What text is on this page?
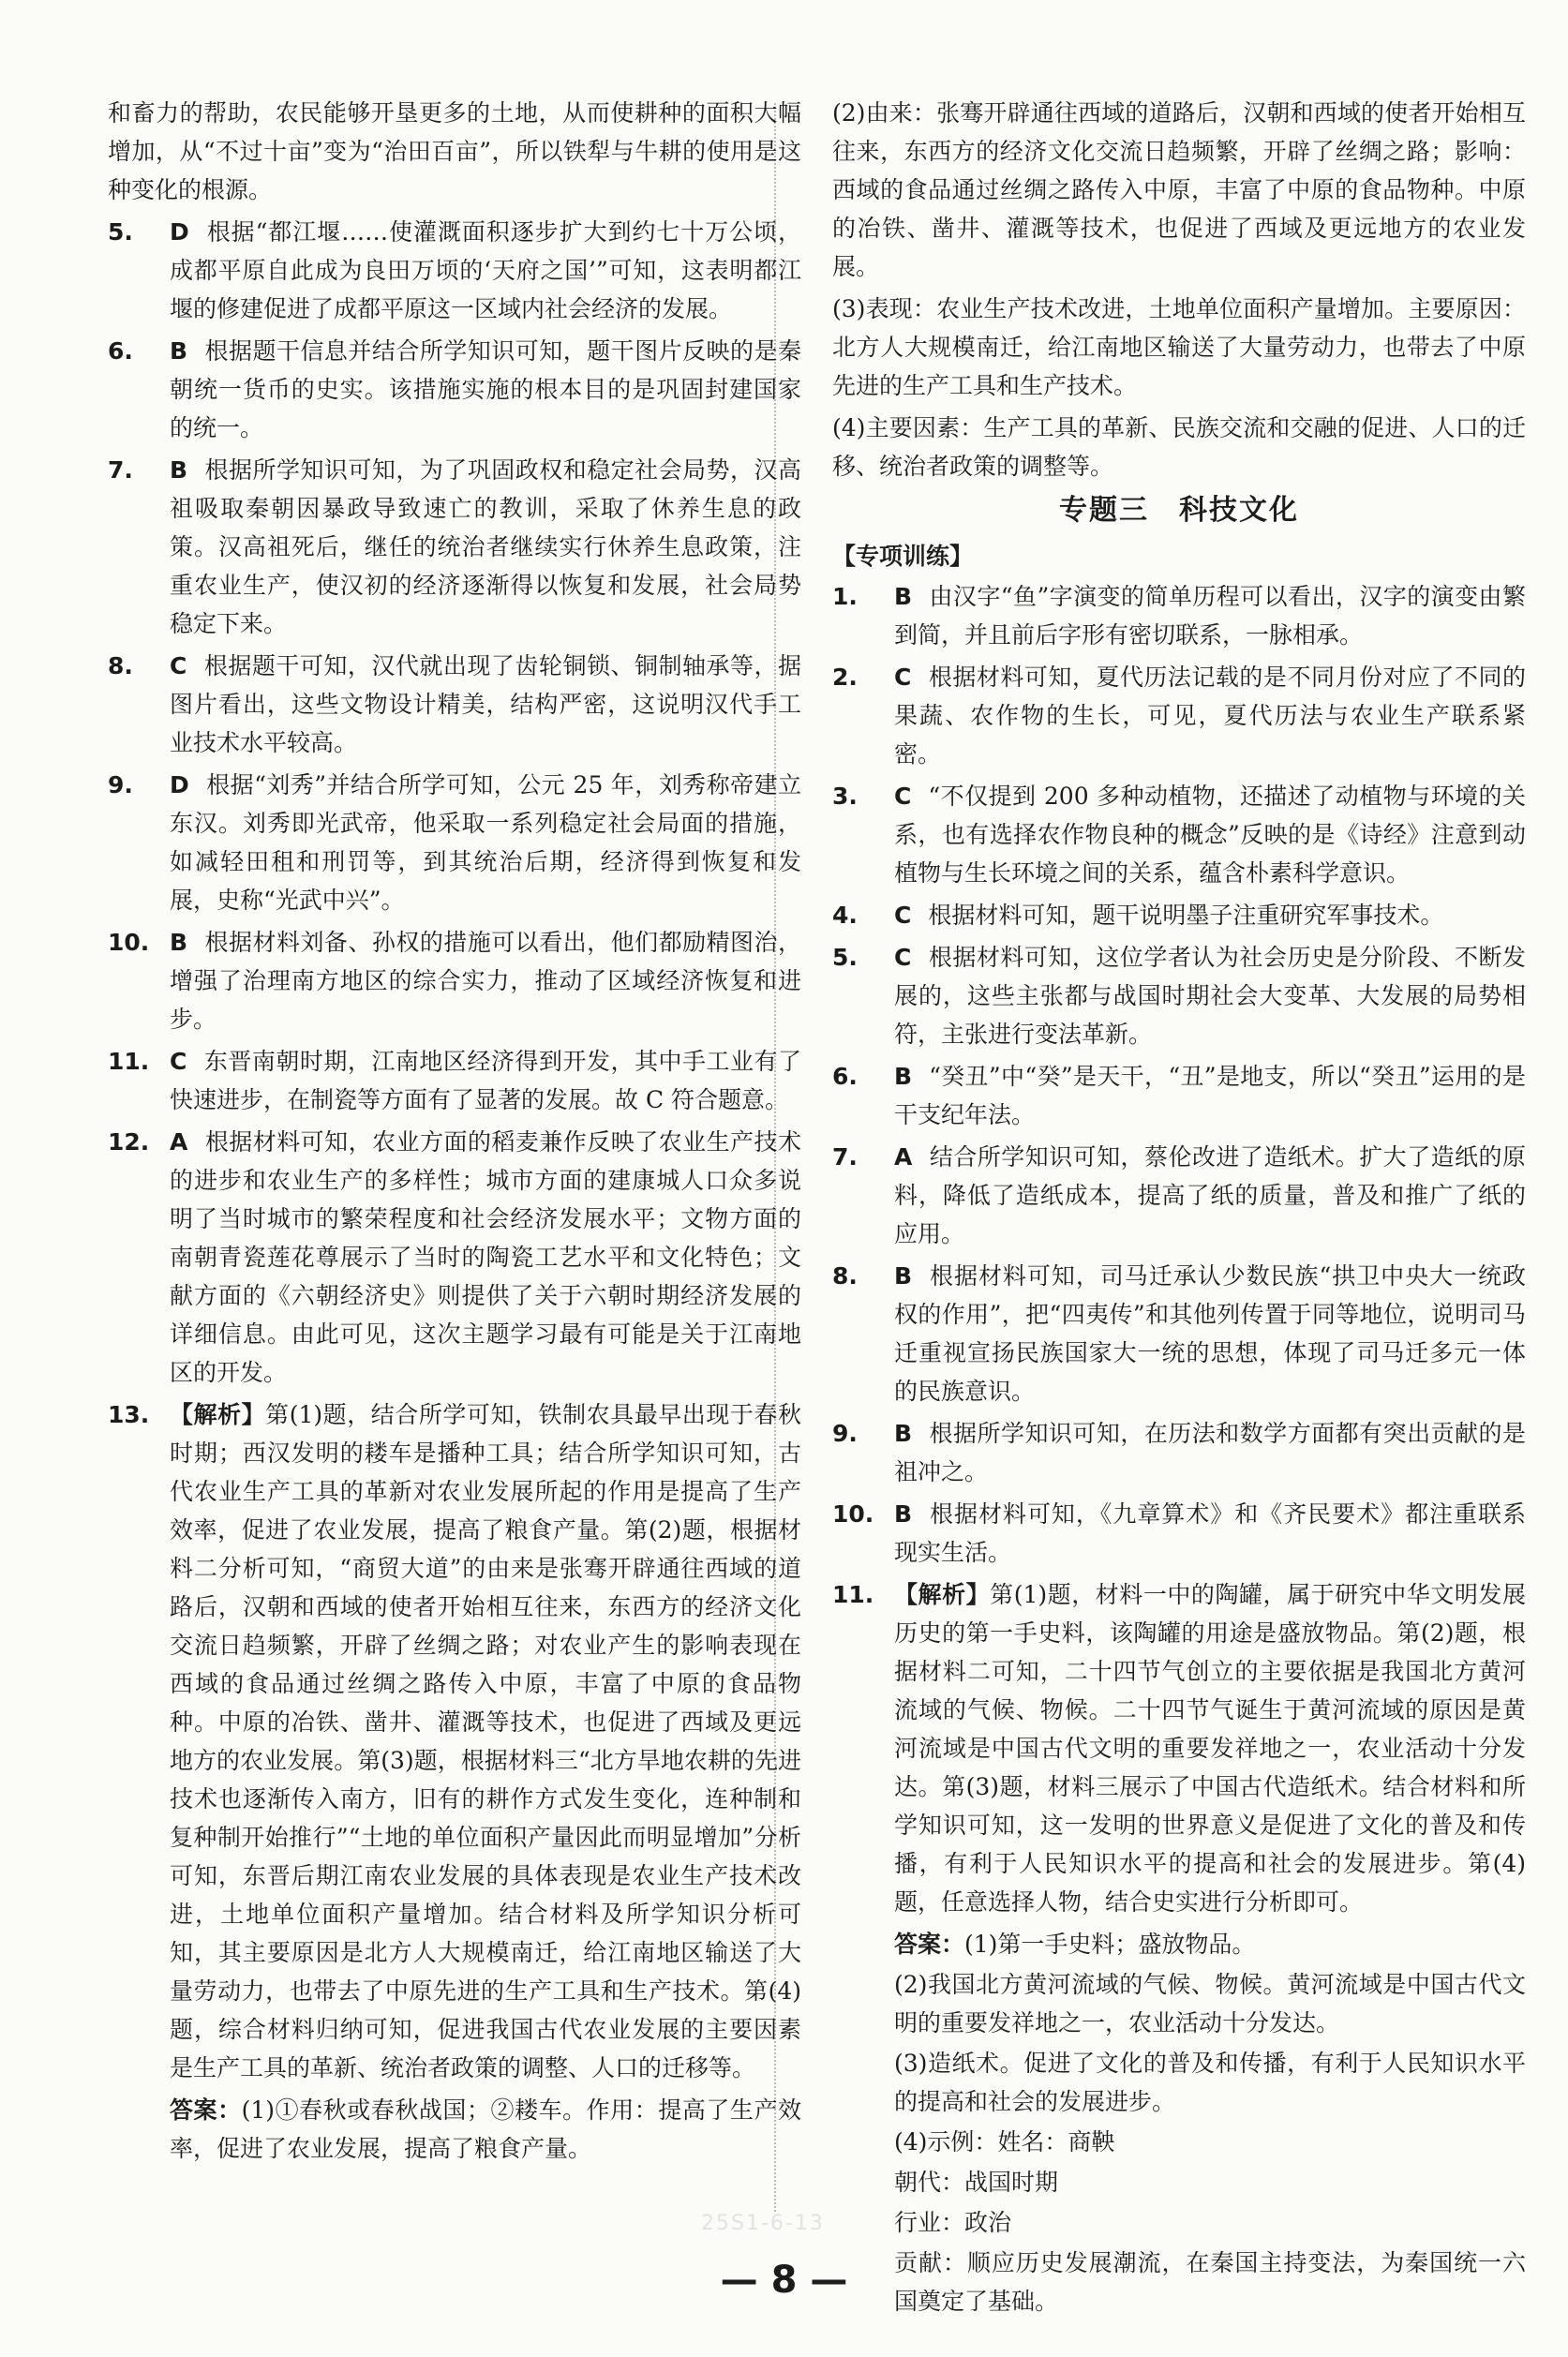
和畜力的帮助，农民能够开垦更多的土地，从而使耕种的面积大幅增加，从“不过十亩”变为“治田百亩”，所以铁犁与牛耕的使用是这种变化的根源。
5. D 根据“都江堰……使灌溉面积逐步扩大到约七十万公顷，成都平原自此成为良田万顷的‘天府之国’”可知，这表明都江堰的修建促进了成都平原这一区域内社会经济的发展。
6. B 根据题干信息并结合所学知识可知，题干图片反映的是秦朝统一货币的史实。该措施实施的根本目的是巩固封建国家的统一。
7. B 根据所学知识可知，为了巩固政权和稳定社会局势，汉高祖吸取秦朝因暴政导致速亡的教训，采取了休养生息的政策。汉高祖死后，继任的统治者继续实行休养生息政策，注重农业生产，使汉初的经济逐渐得以恢复和发展，社会局势稳定下来。
8. C 根据题干可知，汉代就出现了齿轮铜锁、铜制轴承等，据图片看出，这些文物设计精美，结构严密，这说明汉代手工业技术水平较高。
9. D 根据“刘秀”并结合所学可知，公元 25 年，刘秀称帝建立东汉。刘秀即光武帝，他采取一系列稳定社会局面的措施，如减轻田租和刑罚等，到其统治后期，经济得到恢复和发展，史称“光武中兴”。
10. B 根据材料刘备、孙权的措施可以看出，他们都励精图治，增强了治理南方地区的综合实力，推动了区域经济恢复和进步。
11. C 东晋南朝时期，江南地区经济得到开发，其中手工业有了快速进步，在制瓷等方面有了显著的发展。故 C 符合题意。
12. A 根据材料可知，农业方面的稻麦兼作反映了农业生产技术的进步和农业生产的多样性；城市方面的建康城人口众多说明了当时城市的繁荣程度和社会经济发展水平；文物方面的南朝青瓷莲花尊展示了当时的陶瓷工艺水平和文化特色；文献方面的《六朝经济史》则提供了关于六朝时期经济发展的详细信息。由此可见，这次主题学习最有可能是关于江南地区的开发。
13. 【解析】第(1)题，结合所学可知，铁制农具最早出现于春秋时期；西汉发明的耧车是播种工具；结合所学知识可知，古代农业生产工具的革新对农业发展所起的作用是提高了生产效率，促进了农业发展，提高了粮食产量。第(2)题，根据材料二分析可知，“商贸大道”的由来是张骞开辟通往西域的道路后，汉朝和西域的使者开始相互往来，东西方的经济文化交流日趋频繁，开辟了丝绸之路；对农业产生的影响表现在西域的食品通过丝绸之路传入中原，丰富了中原的食品物种。中原的冶铁、凿井、灌溉等技术，也促进了西域及更远地方的农业发展。第(3)题，根据材料三“北方旱地农耕的先进技术也逐渐传入南方，旧有的耕作方式发生变化，连种制和复种制开始推行”“土地的单位面积产量因此而明显增加”分析可知，东晋后期江南农业发展的具体表现是农业生产技术改进，土地单位面积产量增加。结合材料及所学知识分析可知，其主要原因是北方人大规模南迁，给江南地区输送了大量劳动力，也带去了中原先进的生产工具和生产技术。第(4)题，综合材料归纳可知，促进我国古代农业发展的主要因素是生产工具的革新、统治者政策的调整、人口的迁移等。
答案：(1)①春秋或春秋战国；②耧车。作用：提高了生产效率，促进了农业发展，提高了粮食产量。
(2)由来：张骞开辟通往西域的道路后，汉朝和西域的使者开始相互往来，东西方的经济文化交流日趋频繁，开辟了丝绸之路；影响：西域的食品通过丝绸之路传入中原，丰富了中原的食品物种。中原的冶铁、凿井、灌溉等技术，也促进了西域及更远地方的农业发展。
(3)表现：农业生产技术改进，土地单位面积产量增加。主要原因：北方人大规模南迁，给江南地区输送了大量劳动力，也带去了中原先进的生产工具和生产技术。
(4)主要因素：生产工具的革新、民族交流和交融的促进、人口的迁移、统治者政策的调整等。
专题三　科技文化
【专项训练】
1. B 由汉字“鱼”字演变的简单历程可以看出，汉字的演变由繁到简，并且前后字形有密切联系，一脉相承。
2. C 根据材料可知，夏代历法记载的是不同月份对应了不同的果蔬、农作物的生长，可见，夏代历法与农业生产联系紧密。
3. C “不仅提到 200 多种动植物，还描述了动植物与环境的关系，也有选择农作物良种的概念”反映的是《诗经》注意到动植物与生长环境之间的关系，蕴含朴素科学意识。
4. C 根据材料可知，题干说明墨子注重研究军事技术。
5. C 根据材料可知，这位学者认为社会历史是分阶段、不断发展的，这些主张都与战国时期社会大变革、大发展的局势相符，主张进行变法革新。
6. B “癸丑”中“癸”是天干，“丑”是地支，所以“癸丑”运用的是干支纪年法。
7. A 结合所学知识可知，蔡伦改进了造纸术。扩大了造纸的原料，降低了造纸成本，提高了纸的质量，普及和推广了纸的应用。
8. B 根据材料可知，司马迁承认少数民族“拱卫中央大一统政权的作用”，把“四夷传”和其他列传置于同等地位，说明司马迁重视宣扬民族国家大一统的思想，体现了司马迁多元一体的民族意识。
9. B 根据所学知识可知，在历法和数学方面都有突出贡献的是祖冲之。
10. B 根据材料可知，《九章算术》和《齐民要术》都注重联系现实生活。
11. 【解析】第(1)题，材料一中的陶罐，属于研究中华文明发展历史的第一手史料，该陶罐的用途是盛放物品。第(2)题，根据材料二可知，二十四节气创立的主要依据是我国北方黄河流域的气候、物候。二十四节气诞生于黄河流域的原因是黄河流域是中国古代文明的重要发祥地之一，农业活动十分发达。第(3)题，材料三展示了中国古代造纸术。结合材料和所学知识可知，这一发明的世界意义是促进了文化的普及和传播，有利于人民知识水平的提高和社会的发展进步。第(4)题，任意选择人物，结合史实进行分析即可。
答案：(1)第一手史料；盛放物品。
(2)我国北方黄河流域的气候、物候。黄河流域是中国古代文明的重要发祥地之一，农业活动十分发达。
(3)造纸术。促进了文化的普及和传播，有利于人民知识水平的提高和社会的发展进步。
(4)示例：姓名：商鞅
朝代：战国时期
行业：政治
贡献：顺应历史发展潮流，在秦国主持变法，为秦国统一六国奠定了基础。
25S1-6-13
— 8 —
